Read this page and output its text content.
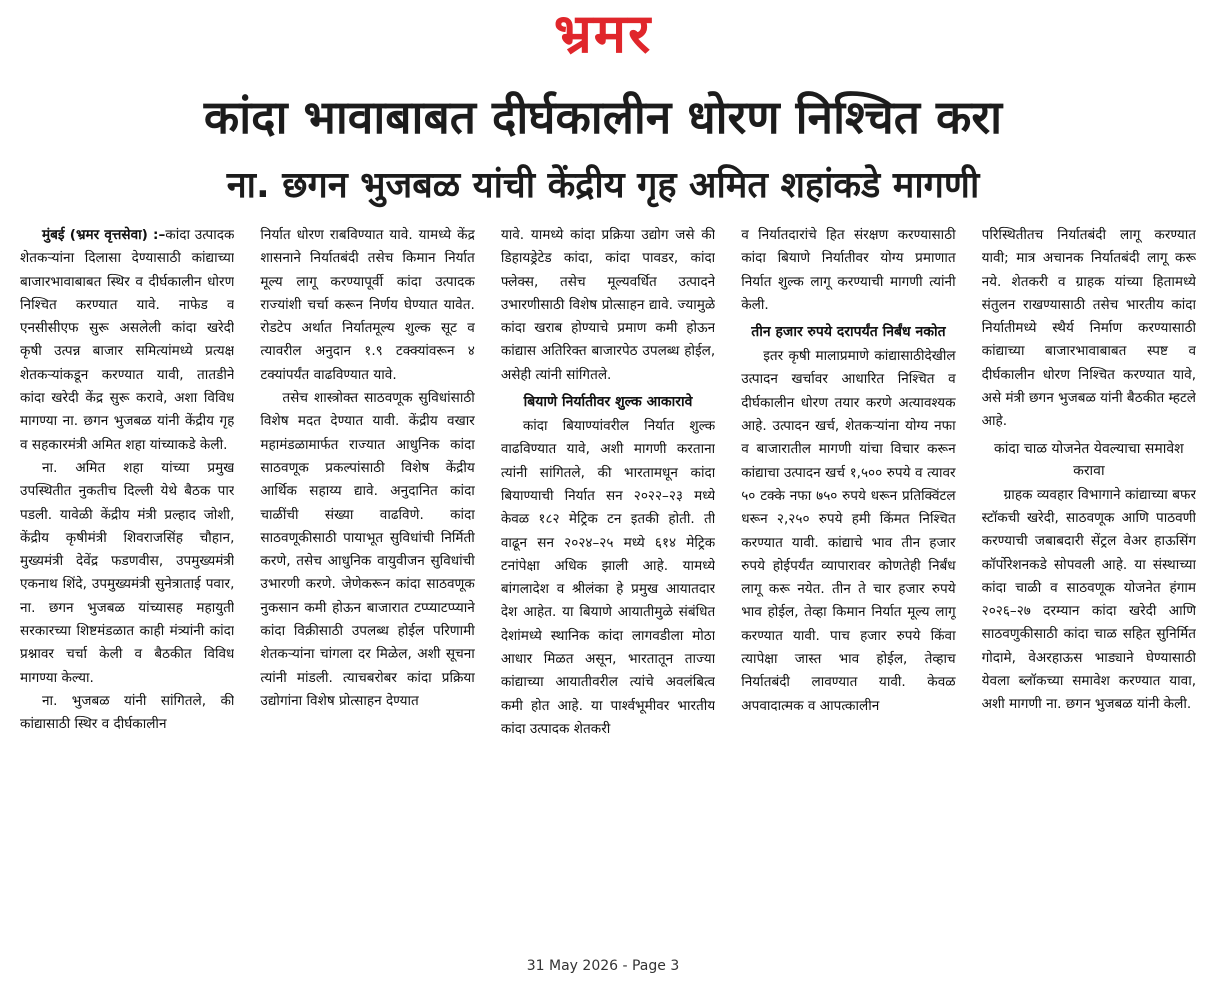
भ्रमर
कांदा भावाबाबत दीर्घकालीन धोरण निश्चित करा
ना. छगन भुजबळ यांची केंद्रीय गृह अमित शहांकडे मागणी

मुंबई (भ्रमर वृत्तसेवा) :–कांदा उत्पादक शेतकऱ्यांना दिलासा देण्यासाठी कांद्याच्या बाजारभावाबाबत स्थिर व दीर्घकालीन धोरण निश्चित करण्यात यावे. नाफेड व एनसीसीएफ सुरू असलेली कांदा खरेदी कृषी उत्पन्न बाजार समित्यांमध्ये प्रत्यक्ष शेतकऱ्यांकडून करण्यात यावी, तातडीने कांदा खरेदी केंद्र सुरू करावे, अशा विविध मागण्या ना. छगन भुजबळ यांनी केंद्रीय गृह व सहकारमंत्री अमित शहा यांच्याकडे केली.

ना. अमित शहा यांच्या प्रमुख उपस्थितीत नुकतीच दिल्ली येथे बैठक पार पडली. यावेळी केंद्रीय मंत्री प्रल्हाद जोशी, केंद्रीय कृषीमंत्री शिवराजसिंह चौहान, मुख्यमंत्री देवेंद्र फडणवीस, उपमुख्यमंत्री एकनाथ शिंदे, उपमुख्यमंत्री सुनेत्राताई पवार, ना. छगन भुजबळ यांच्यासह महायुती सरकारच्या शिष्टमंडळात काही मंत्र्यांनी कांदा प्रश्नावर चर्चा केली व बैठकीत विविध मागण्या केल्या.

ना. भुजबळ यांनी सांगितले, की कांद्यासाठी स्थिर व दीर्घकालीन

निर्यात धोरण राबविण्यात यावे. यामध्ये केंद्र शासनाने निर्यातबंदी तसेच किमान निर्यात मूल्य लागू करण्यापूर्वी कांदा उत्पादक राज्यांशी चर्चा करून निर्णय घेण्यात यावेत. रोडटेप अर्थात निर्यातमूल्य शुल्क सूट व त्यावरील अनुदान १.९ टक्क्यांवरून ४ टक्यांपर्यंत वाढविण्यात यावे.

तसेच शास्त्रोक्त साठवणूक सुविधांसाठी विशेष मदत देण्यात यावी. केंद्रीय वखार महामंडळामार्फत राज्यात आधुनिक कांदा साठवणूक प्रकल्पांसाठी विशेष केंद्रीय आर्थिक सहाय्य द्यावे. अनुदानित कांदा चाळींची संख्या वाढविणे. कांदा साठवणूकीसाठी पायाभूत सुविधांची निर्मिती करणे, तसेच आधुनिक वायुवीजन सुविधांची उभारणी करणे. जेणेकरून कांदा साठवणूक नुकसान कमी होऊन बाजारात टप्प्याटप्प्याने कांदा विक्रीसाठी उपलब्ध होईल परिणामी शेतकऱ्यांना चांगला दर मिळेल, अशी सूचना त्यांनी मांडली. त्याचबरोबर कांदा प्रक्रिया उद्योगांना विशेष प्रोत्साहन देण्यात

यावे. यामध्ये कांदा प्रक्रिया उद्योग जसे की डिहायड्रेटेड कांदा, कांदा पावडर, कांदा फ्लेक्स, तसेच मूल्यवर्धित उत्पादने उभारणीसाठी विशेष प्रोत्साहन द्यावे. ज्यामुळे कांदा खराब होण्याचे प्रमाण कमी होऊन कांद्यास अतिरिक्त बाजारपेठ उपलब्ध होईल, असेही त्यांनी सांगितले.

बियाणे निर्यातीवर शुल्क आकारावे

कांदा बियाण्यांवरील निर्यात शुल्क वाढविण्यात यावे, अशी मागणी करताना त्यांनी सांगितले, की भारतामधून कांदा बियाण्याची निर्यात सन २०२२–२३ मध्ये केवळ १८२ मेट्रिक टन इतकी होती. ती वाढून सन २०२४–२५ मध्ये ६१४ मेट्रिक टनांपेक्षा अधिक झाली आहे. यामध्ये बांगलादेश व श्रीलंका हे प्रमुख आयातदार देश आहेत. या बियाणे आयातीमुळे संबंधित देशांमध्ये स्थानिक कांदा लागवडीला मोठा आधार मिळत असून, भारतातून ताज्या कांद्याच्या आयातीवरील त्यांचे अवलंबित्व कमी होत आहे. या पार्श्वभूमीवर भारतीय कांदा उत्पादक शेतकरी

व निर्यातदारांचे हित संरक्षण करण्यासाठी कांदा बियाणे निर्यातीवर योग्य प्रमाणात निर्यात शुल्क लागू करण्याची मागणी त्यांनी केली.

तीन हजार रुपये दरापर्यंत निर्बंध नकोत

इतर कृषी मालाप्रमाणे कांद्यासाठीदेखील उत्पादन खर्चावर आधारित निश्चित व दीर्घकालीन धोरण तयार करणे अत्यावश्यक आहे. उत्पादन खर्च, शेतकऱ्यांना योग्य नफा व बाजारातील मागणी यांचा विचार करून कांद्याचा उत्पादन खर्च १,५०० रुपये व त्यावर ५० टक्के नफा ७५० रुपये धरून प्रतिक्विंटल धरून २,२५० रुपये हमी किंमत निश्चित करण्यात यावी. कांद्याचे भाव तीन हजार रुपये होईपर्यंत व्यापारावर कोणतेही निर्बंध लागू करू नयेत. तीन ते चार हजार रुपये भाव होईल, तेव्हा किमान निर्यात मूल्य लागू करण्यात यावी. पाच हजार रुपये किंवा त्यापेक्षा जास्त भाव होईल, तेव्हाच निर्यातबंदी लावण्यात यावी. केवळ अपवादात्मक व आपत्कालीन

परिस्थितीतच निर्यातबंदी लागू करण्यात यावी; मात्र अचानक निर्यातबंदी लागू करू नये. शेतकरी व ग्राहक यांच्या हितामध्ये संतुलन राखण्यासाठी तसेच भारतीय कांदा निर्यातीमध्ये स्थैर्य निर्माण करण्यासाठी कांद्याच्या बाजारभावाबाबत स्पष्ट व दीर्घकालीन धोरण निश्चित करण्यात यावे, असे मंत्री छगन भुजबळ यांनी बैठकीत म्हटले आहे.

कांदा चाळ योजनेत येवल्याचा समावेश करावा

ग्राहक व्यवहार विभागाने कांद्याच्या बफर स्टॉकची खरेदी, साठवणूक आणि पाठवणी करण्याची जबाबदारी सेंट्रल वेअर हाऊसिंग कॉर्पोरेशनकडे सोपवली आहे. या संस्थाच्या कांदा चाळी व साठवणूक योजनेत हंगाम २०२६–२७ दरम्यान कांदा खरेदी आणि साठवणुकीसाठी कांदा चाळ सहित सुनिर्मित गोदामे, वेअरहाऊस भाड्याने घेण्यासाठी येवला ब्लॉकच्या समावेश करण्यात यावा, अशी मागणी ना. छगन भुजबळ यांनी केली.

31 May 2026 - Page 3
